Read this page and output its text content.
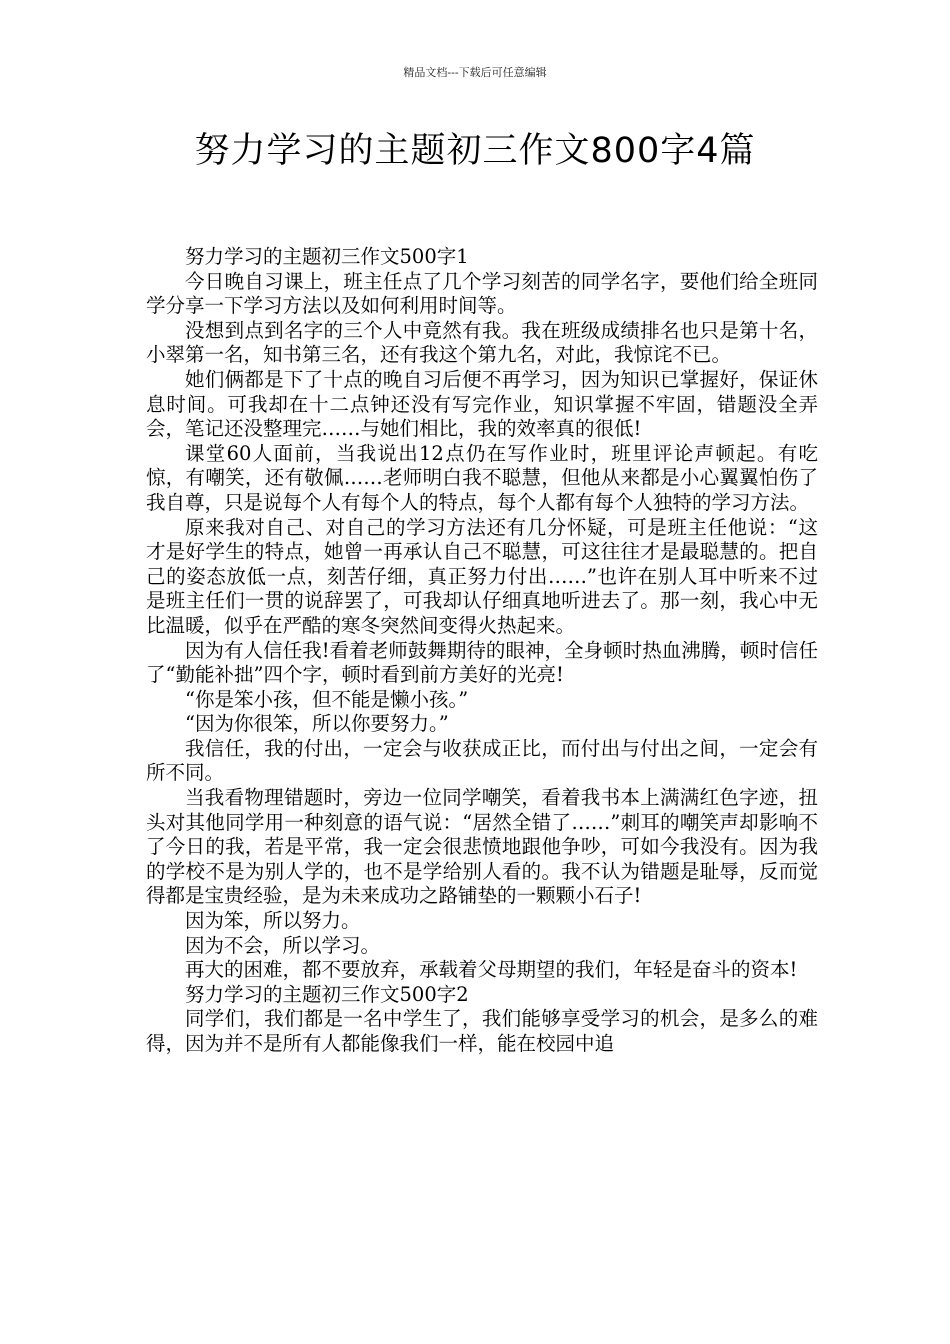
精品文档---下载后可任意编辑
努力学习的主题初三作文800字4篇

努力学习的主题初三作文500字1

今日晚自习课上，班主任点了几个学习刻苦的同学名字，要他们给全班同学分享一下学习方法以及如何利用时间等。

没想到点到名字的三个人中竟然有我。我在班级成绩排名也只是第十名，小翠第一名，知书第三名，还有我这个第九名，对此，我惊诧不已。

她们俩都是下了十点的晚自习后便不再学习，因为知识已掌握好，保证休息时间。可我却在十二点钟还没有写完作业，知识掌握不牢固，错题没全弄会，笔记还没整理完……与她们相比，我的效率真的很低!

课堂60人面前，当我说出12点仍在写作业时，班里评论声顿起。有吃惊，有嘲笑，还有敬佩……老师明白我不聪慧，但他从来都是小心翼翼怕伤了我自尊，只是说每个人有每个人的特点，每个人都有每个人独特的学习方法。

原来我对自己、对自己的学习方法还有几分怀疑，可是班主任他说：“这才是好学生的特点，她曾一再承认自己不聪慧，可这往往才是最聪慧的。把自己的姿态放低一点，刻苦仔细，真正努力付出……”也许在别人耳中听来不过是班主任们一贯的说辞罢了，可我却认仔细真地听进去了。那一刻，我心中无比温暖，似乎在严酷的寒冬突然间变得火热起来。

因为有人信任我!看着老师鼓舞期待的眼神，全身顿时热血沸腾，顿时信任了“勤能补拙”四个字，顿时看到前方美好的光亮!

“你是笨小孩，但不能是懒小孩。”

“因为你很笨，所以你要努力。”

我信任，我的付出，一定会与收获成正比，而付出与付出之间，一定会有所不同。

当我看物理错题时，旁边一位同学嘲笑，看着我书本上满满红色字迹，扭头对其他同学用一种刻意的语气说：“居然全错了……”刺耳的嘲笑声却影响不了今日的我，若是平常，我一定会很悲愤地跟他争吵，可如今我没有。因为我的学校不是为别人学的，也不是学给别人看的。我不认为错题是耻辱，反而觉得都是宝贵经验，是为未来成功之路铺垫的一颗颗小石子!

因为笨，所以努力。

因为不会，所以学习。

再大的困难，都不要放弃，承载着父母期望的我们，年轻是奋斗的资本!

努力学习的主题初三作文500字2

同学们，我们都是一名中学生了，我们能够享受学习的机会，是多么的难得，因为并不是所有人都能像我们一样，能在校园中追
